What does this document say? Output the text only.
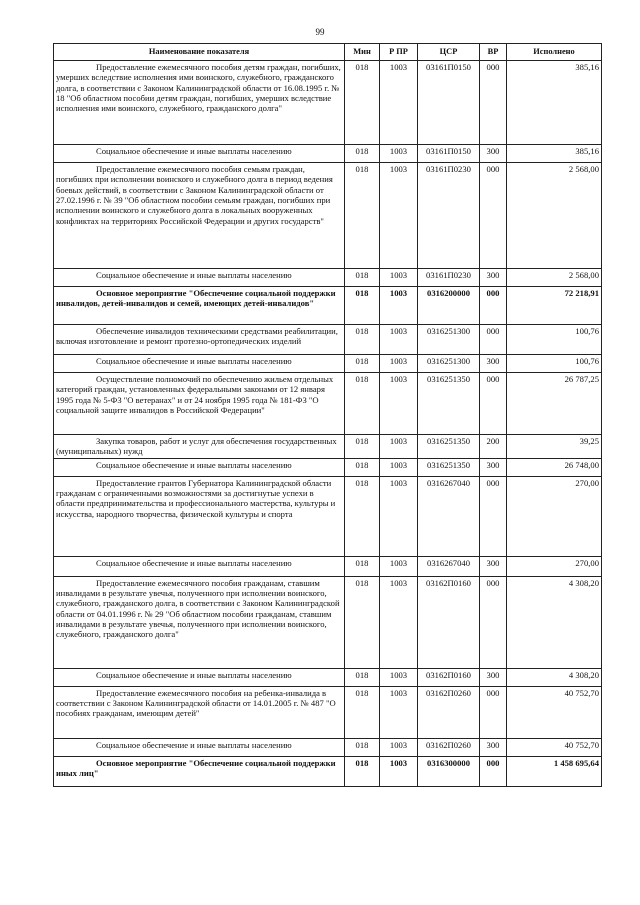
99
Наименование показателя	Мин	Р ПР	ЦСР	ВР	Исполнено

Предоставление ежемесячного пособия детям граждан, погибших, умерших вследствие исполнения ими воинского, служебного, гражданского долга, в соответствии с Законом Калининградской области от 16.08.1995 г. № 18 "Об областном пособии детям граждан, погибших, умерших вследствие исполнения ими воинского, служебного, гражданского долга"	018	1003	03161П0150	000	385,16
Социальное обеспечение и иные выплаты населению	018	1003	03161П0150	300	385,16

Предоставление ежемесячного пособия семьям граждан, погибших при исполнении воинского и служебного долга в период ведения боевых действий, в соответствии с Законом Калининградской области от 27.02.1996 г. № 39 "Об областном пособии семьям граждан, погибших при исполнении воинского и служебного долга в локальных вооруженных конфликтах на территориях Российской Федерации и других государств"	018	1003	03161П0230	000	2 568,00
Социальное обеспечение и иные выплаты населению	018	1003	03161П0230	300	2 568,00

Основное мероприятие "Обеспечение социальной поддержки инвалидов, детей-инвалидов и семей, имеющих детей-инвалидов"	018	1003	0316200000	000	72 218,91

Обеспечение инвалидов техническими средствами реабилитации, включая изготовление и ремонт протезно-ортопедических изделий	018	1003	0316251300	000	100,76
Социальное обеспечение и иные выплаты населению	018	1003	0316251300	300	100,76

Осуществление полномочий по обеспечению жильем отдельных категорий граждан, установленных федеральными законами от 12 января 1995 года № 5-ФЗ "О ветеранах" и от 24 ноября 1995 года № 181-ФЗ "О социальной защите инвалидов в Российской Федерации"	018	1003	0316251350	000	26 787,25

Закупка товаров, работ и услуг для обеспечения государственных (муниципальных) нужд	018	1003	0316251350	200	39,25
Социальное обеспечение и иные выплаты населению	018	1003	0316251350	300	26 748,00

Предоставление грантов Губернатора Калининградской области гражданам с ограниченными возможностями за достигнутые успехи в области предпринимательства и профессионального мастерства, культуры и искусства, народного творчества, физической культуры и спорта	018	1003	0316267040	000	270,00
Социальное обеспечение и иные выплаты населению	018	1003	0316267040	300	270,00

Предоставление ежемесячного пособия гражданам, ставшим инвалидами в результате увечья, полученного при исполнении воинского, служебного, гражданского долга, в соответствии с Законом Калининградской области от 04.01.1996 г. № 29 "Об областном пособии гражданам, ставшим инвалидами в результате увечья, полученного при исполнении воинского, служебного, гражданского долга"	018	1003	03162П0160	000	4 308,20
Социальное обеспечение и иные выплаты населению	018	1003	03162П0160	300	4 308,20

Предоставление ежемесячного пособия на ребенка-инвалида в соответствии с Законом Калининградской области от 14.01.2005 г. № 487 "О пособиях гражданам, имеющим детей"	018	1003	03162П0260	000	40 752,70
Социальное обеспечение и иные выплаты населению	018	1003	03162П0260	300	40 752,70

Основное мероприятие "Обеспечение социальной поддержки иных лиц"	018	1003	0316300000	000	1 458 695,64
